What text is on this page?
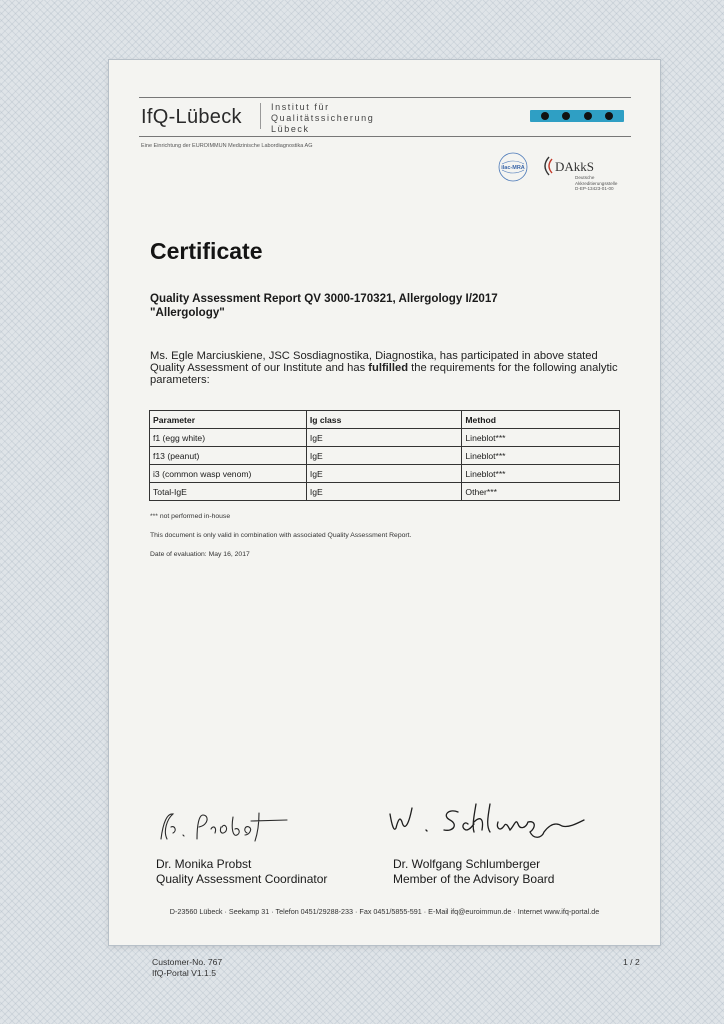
IfQ-Lübeck	Institut für
Qualitätssicherung
Lübeck
Eine Einrichtung der EUROIMMUN Medizinische Labordiagnostika AG
ilac-MRA DAkkS
Deutsche
Akkreditierungsstelle
D-EP-13423-01-00
Certificate
Quality Assessment Report QV 3000-170321, Allergology I/2017
"Allergology"
Ms. Egle Marciuskiene, JSC Sosdiagnostika, Diagnostika, has participated in above stated Quality Assessment of our Institute and has fulfilled the requirements for the following analytic parameters:
Parameter	Ig class	Method
f1 (egg white)	IgE	Lineblot***
f13 (peanut)	IgE	Lineblot***
i3 (common wasp venom)	IgE	Lineblot***
Total-IgE	IgE	Other***
*** not performed in-house
This document is only valid in combination with associated Quality Assessment Report.
Date of evaluation: May 16, 2017
Dr. Monika Probst
Quality Assessment Coordinator
Dr. Wolfgang Schlumberger
Member of the Advisory Board
D-23560 Lübeck · Seekamp 31 · Telefon 0451/29288-233 · Fax 0451/5855-591 · E-Mail ifq@euroimmun.de · Internet www.ifq-portal.de
Customer-No. 767
IfQ-Portal V1.1.5
1 / 2
